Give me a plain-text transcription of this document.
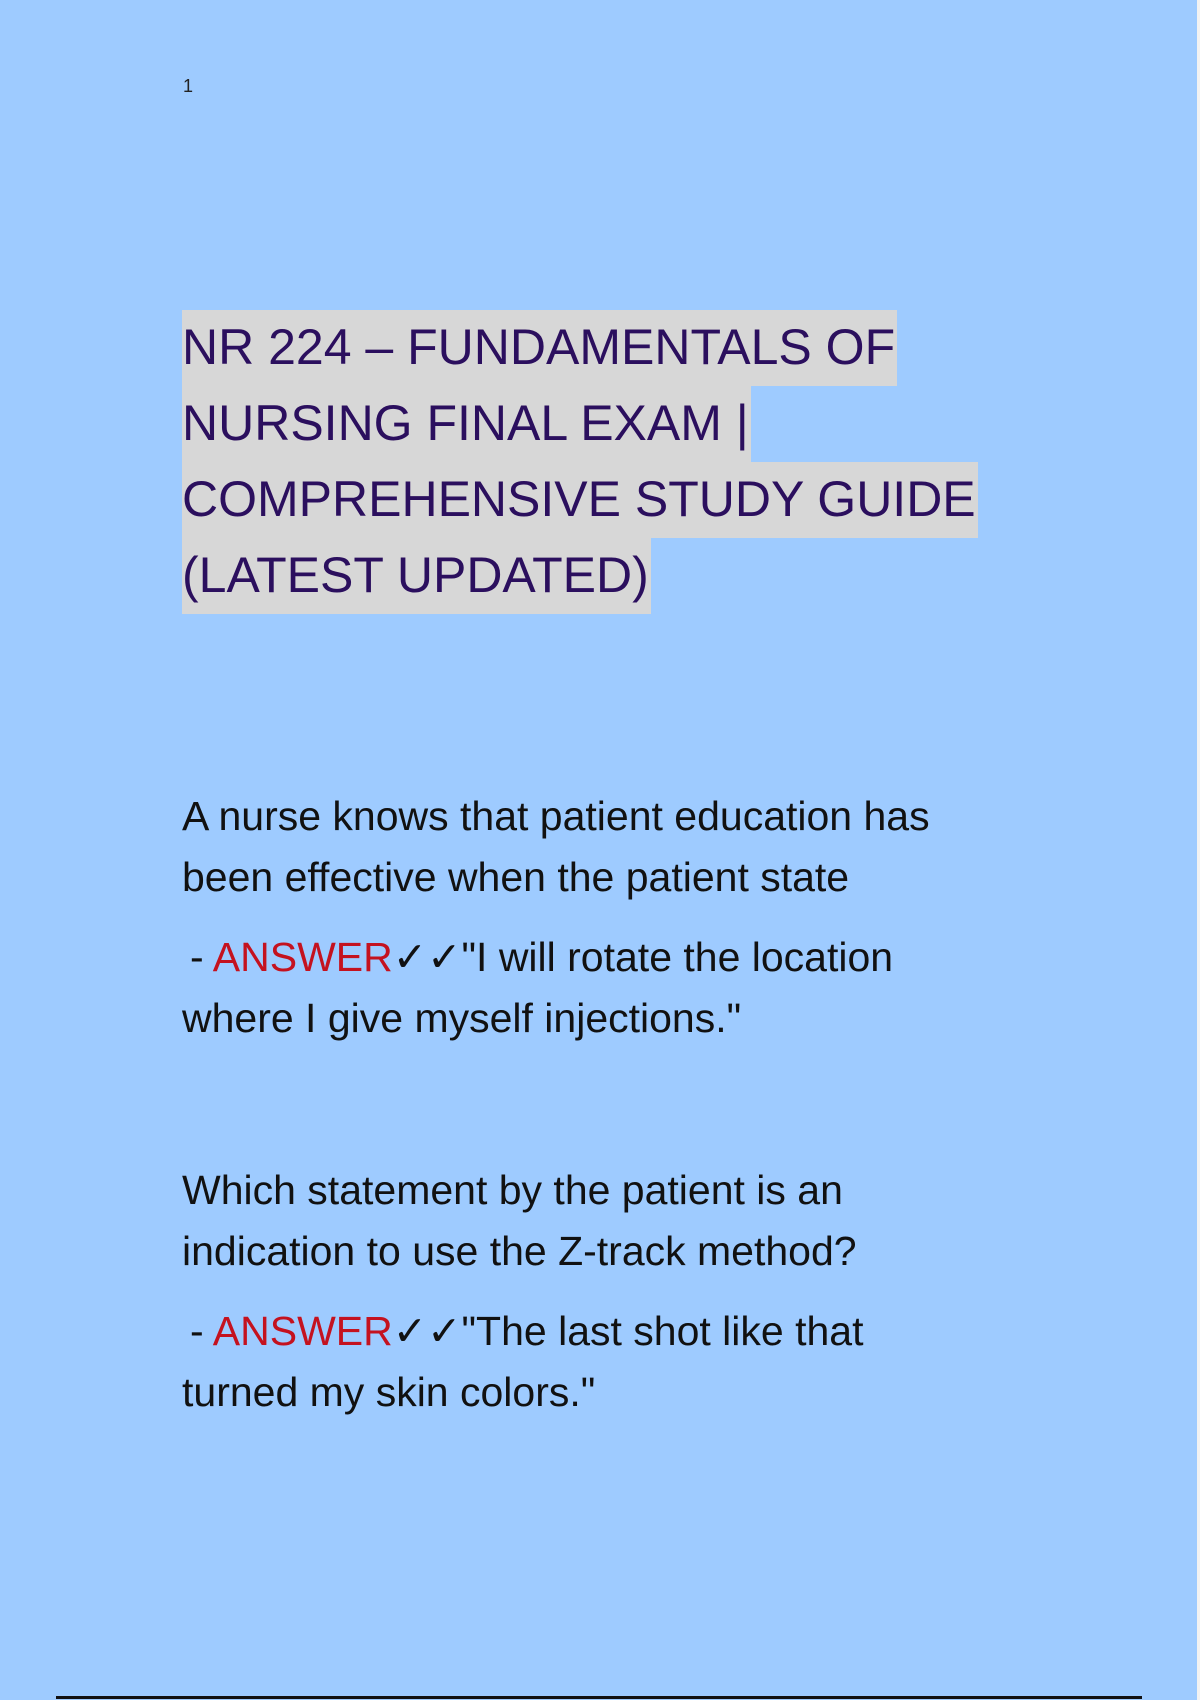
1
NR 224 – FUNDAMENTALS OF
NURSING FINAL EXAM |
COMPREHENSIVE STUDY GUIDE
(LATEST UPDATED)

A nurse knows that patient education has
been effective when the patient state

- ANSWER✓✓"I will rotate the location
where I give myself injections."

Which statement by the patient is an
indication to use the Z-track method?

- ANSWER✓✓"The last shot like that
turned my skin colors."
